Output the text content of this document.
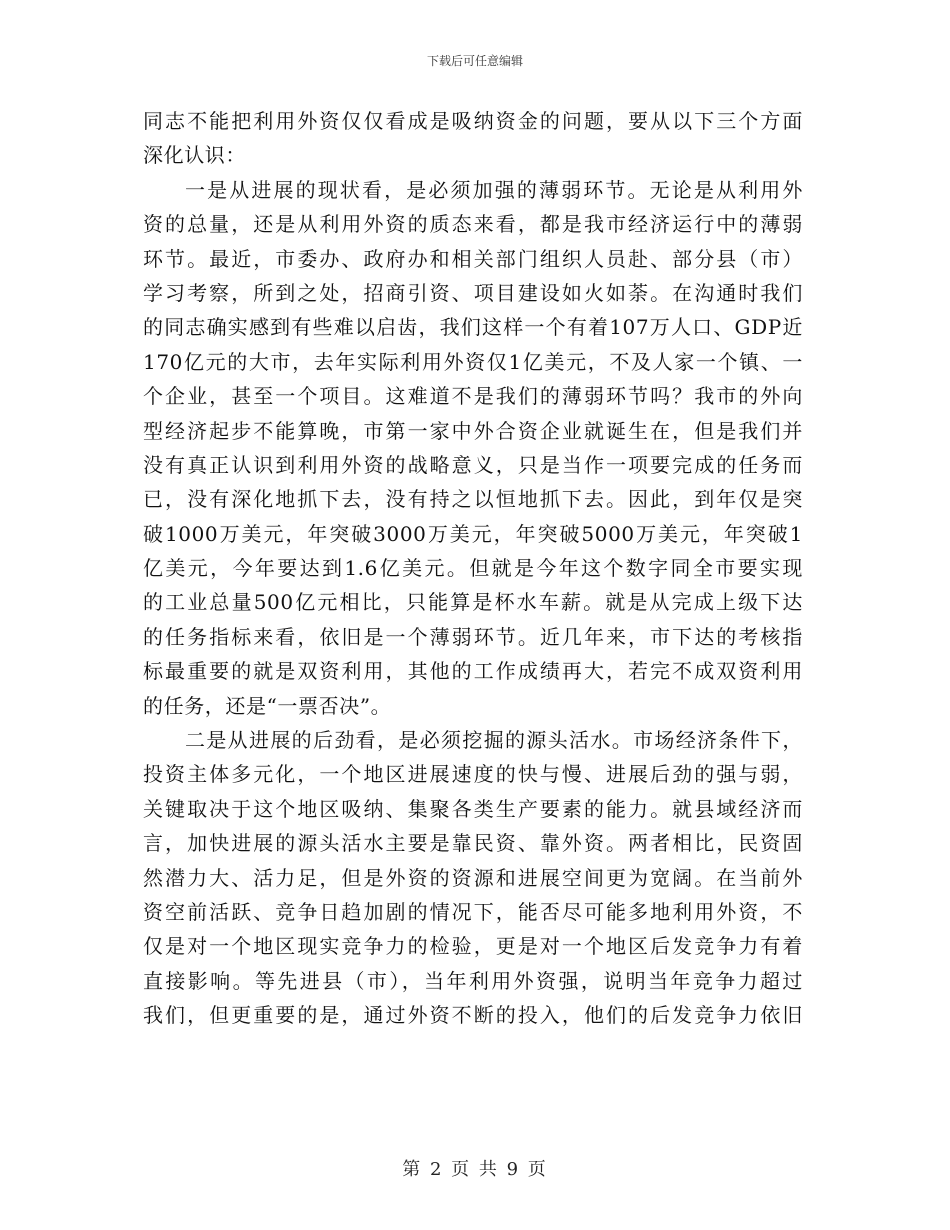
下载后可任意编辑
同志不能把利用外资仅仅看成是吸纳资金的问题，要从以下三个方面
深化认识：
一是从进展的现状看，是必须加强的薄弱环节。无论是从利用外
资的总量，还是从利用外资的质态来看，都是我市经济运行中的薄弱
环节。最近，市委办、政府办和相关部门组织人员赴、部分县（市）
学习考察，所到之处，招商引资、项目建设如火如荼。在沟通时我们
的同志确实感到有些难以启齿，我们这样一个有着107万人口、GDP近
170亿元的大市，去年实际利用外资仅1亿美元，不及人家一个镇、一
个企业，甚至一个项目。这难道不是我们的薄弱环节吗？我市的外向
型经济起步不能算晚，市第一家中外合资企业就诞生在，但是我们并
没有真正认识到利用外资的战略意义，只是当作一项要完成的任务而
已，没有深化地抓下去，没有持之以恒地抓下去。因此，到年仅是突
破1000万美元，年突破3000万美元，年突破5000万美元，年突破1
亿美元，今年要达到1.6亿美元。但就是今年这个数字同全市要实现
的工业总量500亿元相比，只能算是杯水车薪。就是从完成上级下达
的任务指标来看，依旧是一个薄弱环节。近几年来，市下达的考核指
标最重要的就是双资利用，其他的工作成绩再大，若完不成双资利用
的任务，还是“一票否决”。
二是从进展的后劲看，是必须挖掘的源头活水。市场经济条件下，
投资主体多元化，一个地区进展速度的快与慢、进展后劲的强与弱，
关键取决于这个地区吸纳、集聚各类生产要素的能力。就县域经济而
言，加快进展的源头活水主要是靠民资、靠外资。两者相比，民资固
然潜力大、活力足，但是外资的资源和进展空间更为宽阔。在当前外
资空前活跃、竞争日趋加剧的情况下，能否尽可能多地利用外资，不
仅是对一个地区现实竞争力的检验，更是对一个地区后发竞争力有着
直接影响。等先进县（市），当年利用外资强，说明当年竞争力超过
我们，但更重要的是，通过外资不断的投入，他们的后发竞争力依旧
第 2 页 共 9 页
